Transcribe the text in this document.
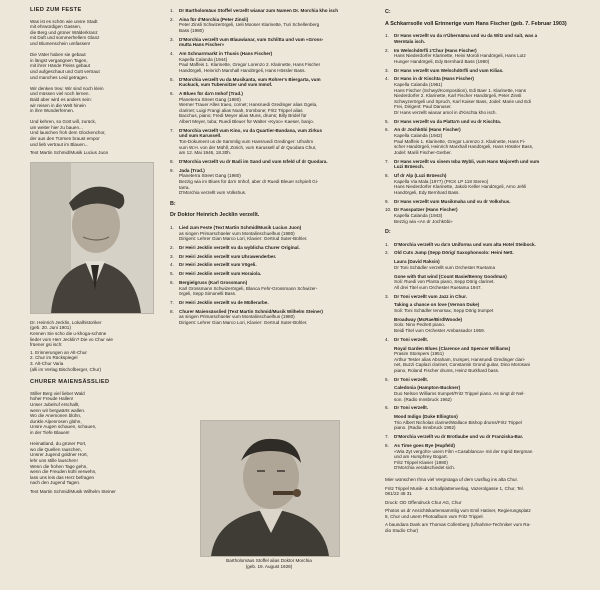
LIED ZUM FESTE

Was ist es schön wie unsre Stadt
mit ehrwürdigen Gassen,
die Berg und grüner Wälderkranz
mit Duft und sommerhellem Glanz
und Blumenschein umfassen!

Die Väter haben sie gebaut
in längst vergangnen Tagen,
mit ihrer Hände Fleiss gebaut
und aufgeschaut und Gott vertraut
und manches Leid getragen.

Wir denken treu: Wir sind noch klein
und müssen viel noch lernen.
Bald aber wird es anders sein:
wir reisen in die Welt hinein
in ihre Wunderfernen.

Und kehren, so Gott will, zurück,
um weiter hier zu bauen...
Und lauschen froh dem Glockenchor,
der aus den Türmen braust empor
und lieb vertraut im Blauen...

Text Martin Schmid/Musik Lucius Juon

Dr. Heinrich Jecklin, Lokalhistoriker
(geb. 20. Juni 1901)
Kennen Sie scho die u-khoga-schöne
lieder vom Herr Jecklin? Die vo Chur wie
früener gsi isch:

1. Erinnerungen an Alt-Chur
2. Chur im Rückspiegel
3. Alt-Chur Varia
(alli im Verlag Bischofberger, Chur)
CHURER MAIENSÄSSLIED

Stiller Berg viel lieber Wald
hoher Freude Hallen!
Unser Jubelruf erschallt,
wenn wir bergwärts wallen.
Wo die Anemonen blühn,
dunkle Alpenrosen glühn,
Unsre Augen schauen, schauen,
in der Tiefe Blauen!

Heimatland, du grüner Port,
wo die Quellen rauschen,
Unsrer Jugend goldner Hort,
lehr uns stille lauschen!
Wenn die frohen Tage gehn,
wenn die Freuden kühl verwehn,
lass uns leis das Herz befragen
nach den Jugend Tagen.

Text Martin Schmid/Musik Wilhelm Steiner
1.	Dr Bartholomäus Stoffel verzellt wianar zum Namen Dr. Morchia kho isch
2.	Aina für d'Morchia (Peter Zinsli)
Peter Zinsli Schwizerörgeli, Ueli Mooser Klarinette, Turi Schellenberg
Bass (1980)
3.	D'Morchia verzellt vum Blauwianar, vum Schlitta und vum «Gross-
mutta Hans Fischer»
4.	Am Schnarrmarkt in Thusis (Hans Fischer)
Kapella Calanda (1944)
Paul Maffeis 1. Klarinette, Gregor Lorenzo 2. Klarinette, Hans Fischer
Handörgeli, Heinrich Marxhall Handörgeli, Hans Hössler Bass.
5.	D'Morchia verzellt vu da Musikanta, vum Rohrer's Biergarta, vum
Kuckuck, vum Tubensitzer und vum Inmof.
6.	A Blues für da'n Imhof (Trad.)
Planeterra Street Gang (1980)
Werner Trauer Alles traeo, cornet; Hansruedi Gredinger alias Ggela,
clarinet; Luigi Frangi alias Noah, trombone; Fritz Trippel alias
Bacchus, piano; Fredi Meyer alias Muns, drums; Billy Bridel für
Albert Meyer, tuba; Ruedi Bleuer für Walter «Kyoo» Kaeser, banjo.
7.	D'Morchia verzellt vum Kino, vu da Quartier-Bandana, vum Zirkus
und vum Karussell.
Ton-Dokument us de Sammlig vum Hansruedi Gredinger: Ufnahm
vum W.H. von der Mühll, Zürich, vum Karussell uf dr Quodara Chur,
am 12. Mai 1946, 18.30h.
8.	D'Morchia verzellt vu dr Badi im Sand und vum Isfeld uf dr Quodara.
9.	Jada (Trad.)
Planeterra Street Gang (1980)
Bezzig wia im Blues für da'n Imhof, aber dr Ruedi Bleuer schpielt Gi-
tarra.
D'Morchia verzellt vum Volkshus.
B:
Dr Doktor Heinrich Jecklin verzellt.
1.	Lied zum Feste (Text Martin Schmid/Musik Lucius Juon)
as singen Primarschüeler vum Montalinschuelhus (1980)
Dirigent: Lehrer Gian Marco Lori, Klavier: Gertrud Suter-Bühler.
2.	Dr Heiri Jecklin verzellt vu da wyblicha Churer Original.
3.	Dr Heiri Jecklin verzellt vum Uhrawenderber.
4.	Dr Heiri Jecklin verzellt vum Vögeli.
5.	Dr Heiri Jecklin verzellt vum Horaiola.
6.	Bergielgruss (Karl Grossmann)
Karl Grossmann Schwizerörgeli, Blanca Fehr-Grossmann Schwizer-
örgeli, Sepp Simonelli Bass.
7.	Dr Heiri Jecklin verzellt vu de Müllerarbe.
8.	Churer Maiensässlied (Text Martin Schmid/Musik Wilhelm Steiner)
as singen Primarschüeler vum Montalinschuelhus (1980)
Dirigent: Lehrer Gian Marco Lori, Klavier: Gertrud Suter-Bühler.
Bartholomäus Stoffel alias Doktor Morchia
(geb. 19. August 1928)
C:
A Schkarrsolle voll Erinnerige vum Hans Fischer (geb. 7. Februar 1903)
1.	Dr Hans verzellt vu da n'Übernäma und vu da Witz und sait, was a
Werntala isch.
2.	Im Welschdörfli z'Chur (Hans Fischer)
Hans Niederdorfer Klarinette, Heini Moroli Handörgeli, Hans Lutz
Hunger Handörgeli, Edy Bernhard Bass (1980)
3.	Dr Hans verzellt vum Welschdörfli und vum Kilias.
4.	Dr Hans in dr Kischta (Hans Fischer)
Kapella Calanda (1961)
Hans Fischer (Schwyt/Komposition), Edi Baer 1. Klarinette, Hans
Niederdorfer 2. Klarinette, Karl Fischer Handörgeli, Peter Zinsli
Schwyzerörgeli und Spruch, Karl Kaiser Bass, Jodel: Marie und Edi
Frei, Dirigent: Paul Danuser.
Dr Hans verzellt wianar amol in d'Kischta kho isch.
5.	Dr Hans verzellt vu da Platta'n und vu dr Kischta.
6.	An dr Jochköbi (Hans Fischer)
Kapella Calanda (1942)
Paul Maffeis 1. Klarinette, Gregor Lorenzo 2. Klarinette, Hans Fi-
scher Handörgeli, Heinrich Marxhall Handörgeli, Hans Hössler Bass,
Jodel: Marili Fischer-Gerber.
7.	Dr Hans verzellt vu sinem Isba Wybli, vum Hans Majoreth und vum
Luzi Brüesch.
8.	Uf dr Alp (Luzi Brüesch)
Kapella Via Mala (1977) (PICK LP 118 Stereo)
Hans Niederdorfer Klarinette, Jakob Keller Handörgeli, Arno Jehli
Handörgeli, Edy Bernhard Bass.
9.	Dr Hans verzellt vum Musikmaha und vu dr Volkshus.
10. Dr Fasspatzer (Hans Fischer)
Kapella Calanda (1943)
Bezzig wia «An dr Jochköbi»
D:
1.	D'Morchia verzellt vu da'n Uniforma und vum alta Hotel Steibock.
2.	Old Cuts Jump (Sepp Dörig/ Saxophonsolo: Heini Nett.
Laura (David Raksin)
Dr Toni Schädler verzellt vum Orchester Ruetama
Gone with that wind (Count Basie/Benny Goodman)
Soli: Ruedi von Planta piano, Sepp Dörig clarinet.
All drei Titel vum Orchester Ruetama 1947.
3.	Dr Toni verzellt vum Jazz in Chur.
Taking a chance on love (Vernon Duke)
Soli: Toni Schädler tenorsax, Sepp Dörig trumpet
Broadway (McRae/Bird/Woode)
Solo: Nino Pedrett piano.
Beidi Titel vum Orchester Ambassador 1959.
4.	Dr Toni verzellt.
Royal Garden Blues (Clarence and Spencer Williams)
Prasim Stompers (1951)
Arthur Tester alias Abraham, trumpet, Hansruedi Gredinger clari-
net, Buzzi Caplazi clarinet, Constantin Grond guitar, Dino Morosani
piano, Roland Fischer drums, Heinz Burkhard bass.
5.	Dr Toni verzellt.
Caledonia (Hampton-Buckner)
Duo Nelson Williams trumpet/Fritz Trippel piano. As singt dr Nel-
son. (Radio Innsbruck 1962)
6.	Dr Toni verzellt.
Mood Indigo (Duke Ellington)
Trio Albert Nicholas clarinet/Wallace Bishop drums/Fritz Trippel
piano. (Radio Innsbruck 1962)
7.	D'Morchia verzellt vu dr Brotlaube und vu dr Franziska-Bar.
8.	As Time goes Bye (Hupfeld)
«Wia Zyt vergoht» usem Film «Casablanca» mit der Ingrid Bergman
und am Humphrey Bogart.
Fritz Trippel Klavier (1980)
D'Morchia verabschiedet sich.

Mier wünschen Ihna viel Vergnüaga uf dem Uusflug ins alta Chur.

Fritz Trippel Musik- & Schallplattenverlag, Vazerolgasse 1, Chur, Tel.
081/22 48 31

Druck: OD Offendruck Chur AG, Chur

Photos us dr Ansichtskartensammlig vum Emil Hatiner, Regierungsplatz
8, Chur und usem Photoalbum vum Fritz Trippel.

A baundara Dank am Thomas Collenberg (Ufnahme-Techniker vum Ra-
dio Studio Chur)
